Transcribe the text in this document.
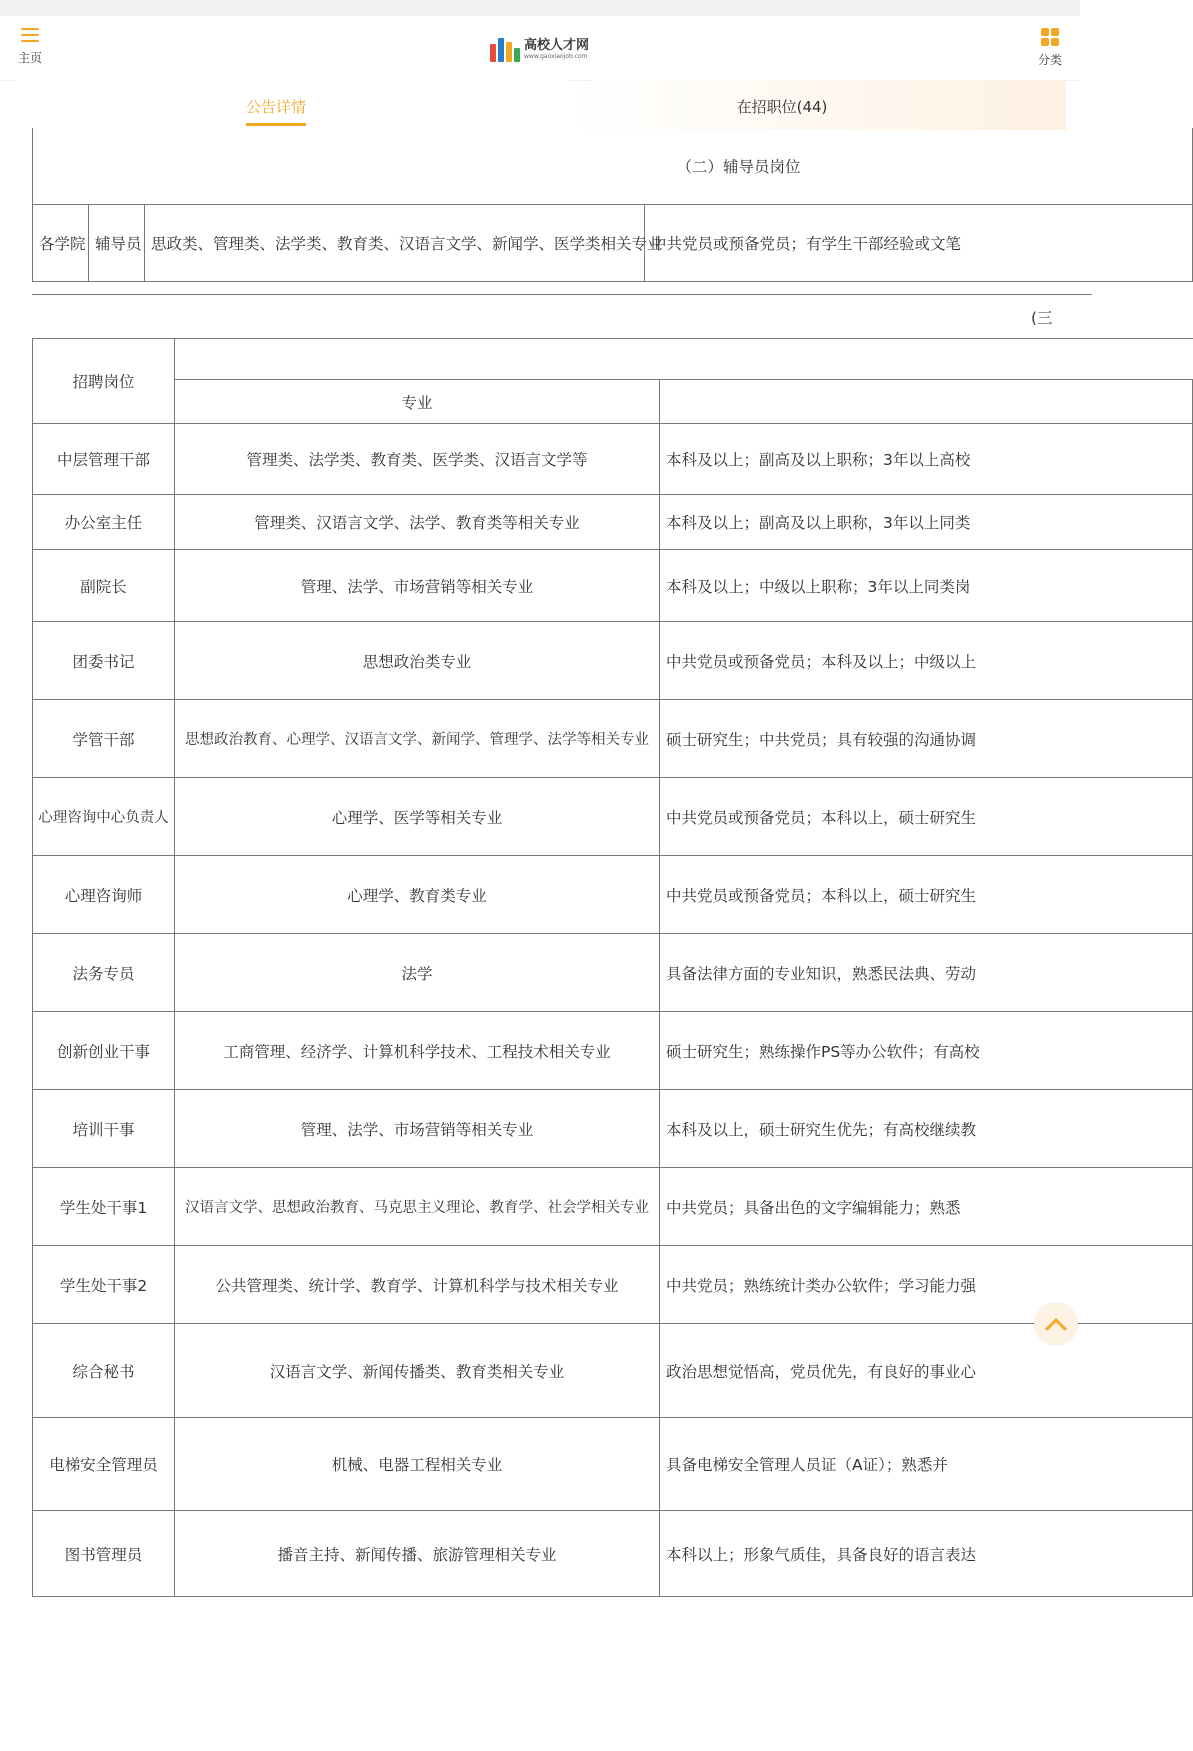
主页
高校人才网
www.gaoxiaojob.com	分类
公告详情	在招职位(44)
	（二）辅导员岗位		
各学院	辅导员	思政类、管理类、法学类、教育类、汉语言文学、新闻学、医学类相关专业	中共党员或预备党员；有学生干部经验或文笔
(三
招聘岗位		
	专业	
中层管理干部	管理类、法学类、教育类、医学类、汉语言文学等	本科及以上；副高及以上职称；3年以上高校
办公室主任	管理类、汉语言文学、法学、教育类等相关专业	本科及以上；副高及以上职称，3年以上同类
副院长	管理、法学、市场营销等相关专业	本科及以上；中级以上职称；3年以上同类岗
团委书记	思想政治类专业	中共党员或预备党员；本科及以上；中级以上
学管干部	思想政治教育、心理学、汉语言文学、新闻学、管理学、法学等相关专业	硕士研究生；中共党员；具有较强的沟通协调
心理咨询中心负责人	心理学、医学等相关专业	中共党员或预备党员；本科以上，硕士研究生
心理咨询师	心理学、教育类专业	中共党员或预备党员；本科以上，硕士研究生
法务专员	法学	具备法律方面的专业知识，熟悉民法典、劳动
创新创业干事	工商管理、经济学、计算机科学技术、工程技术相关专业	硕士研究生；熟练操作PS等办公软件；有高校
培训干事	管理、法学、市场营销等相关专业	本科及以上，硕士研究生优先；有高校继续教
学生处干事1	汉语言文学、思想政治教育、马克思主义理论、教育学、社会学相关专业	中共党员；具备出色的文字编辑能力；熟悉
学生处干事2	公共管理类、统计学、教育学、计算机科学与技术相关专业	中共党员；熟练统计类办公软件；学习能力强
综合秘书	汉语言文学、新闻传播类、教育类相关专业	政治思想觉悟高，党员优先，有良好的事业心
电梯安全管理员	机械、电器工程相关专业	具备电梯安全管理人员证（A证）；熟悉并
图书管理员	播音主持、新闻传播、旅游管理相关专业	本科以上；形象气质佳，具备良好的语言表达
